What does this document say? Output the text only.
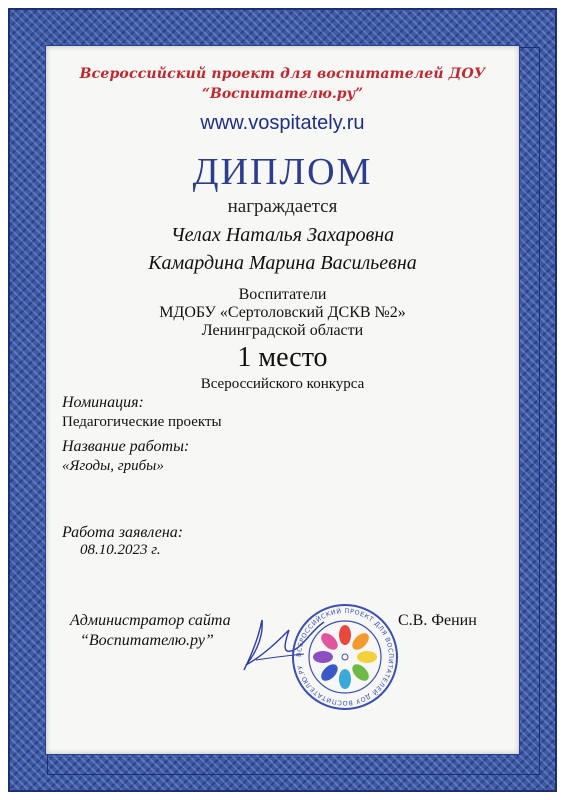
Всероссийский проект для воспитателей ДОУ
“Воспитателю.ру”
www.vospitately.ru
ДИПЛОМ
награждается
Челах Наталья Захаровна
Камардина Марина Васильевна
Воспитатели
МДОБУ «Сертоловский ДСКВ №2»
Ленинградской области
1 место
Всероссийского конкурса
Номинация:
Педагогические проекты
Название работы:
«Ягоды, грибы»
Работа заявлена:
08.10.2023 г.
Администратор сайта
“Воспитателю.ру”
ВСЕРОССИЙСКИЙ ПРОЕКТ ДЛЯ ВОСПИТАТЕЛЕЙ ДОУ ВОСПИТАТЕЛЮ.РУ
С.В. Фенин
